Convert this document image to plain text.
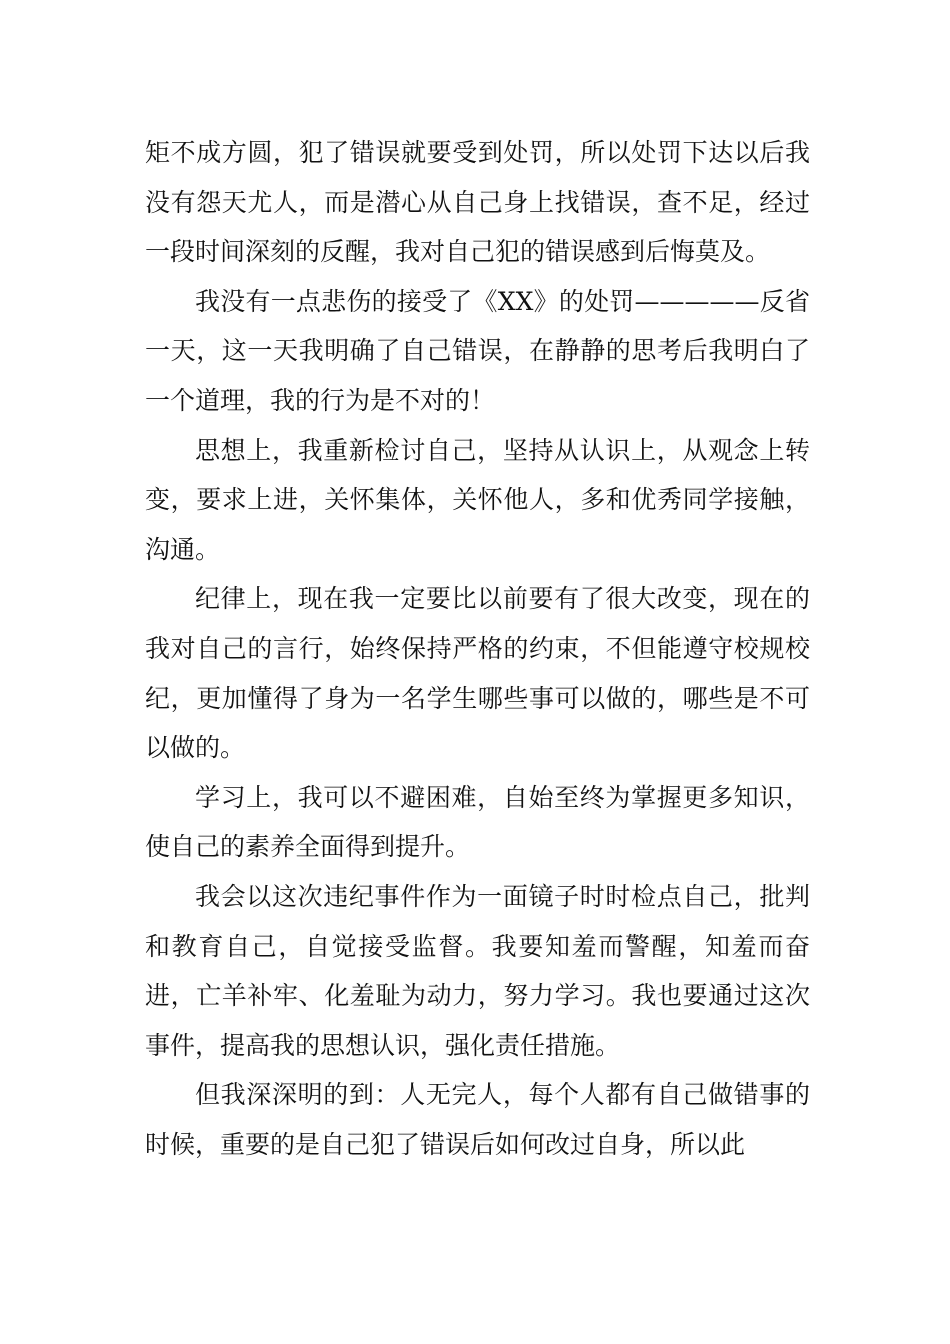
矩不成方圆，犯了错误就要受到处罚，所以处罚下达以后我没有怨天尤人，而是潜心从自己身上找错误，查不足，经过一段时间深刻的反醒，我对自己犯的错误感到后悔莫及。

我没有一点悲伤的接受了《XX》的处罚—————反省一天，这一天我明确了自己错误，在静静的思考后我明白了一个道理，我的行为是不对的！

思想上，我重新检讨自己，坚持从认识上，从观念上转变，要求上进，关怀集体，关怀他人，多和优秀同学接触，沟通。

纪律上，现在我一定要比以前要有了很大改变，现在的我对自己的言行，始终保持严格的约束，不但能遵守校规校纪，更加懂得了身为一名学生哪些事可以做的，哪些是不可以做的。

学习上，我可以不避困难，自始至终为掌握更多知识，使自己的素养全面得到提升。

我会以这次违纪事件作为一面镜子时时检点自己，批判和教育自己，自觉接受监督。我要知羞而警醒，知羞而奋进，亡羊补牢、化羞耻为动力，努力学习。我也要通过这次事件，提高我的思想认识，强化责任措施。

但我深深明的到：人无完人，每个人都有自己做错事的时候，重要的是自己犯了错误后如何改过自身，所以此
